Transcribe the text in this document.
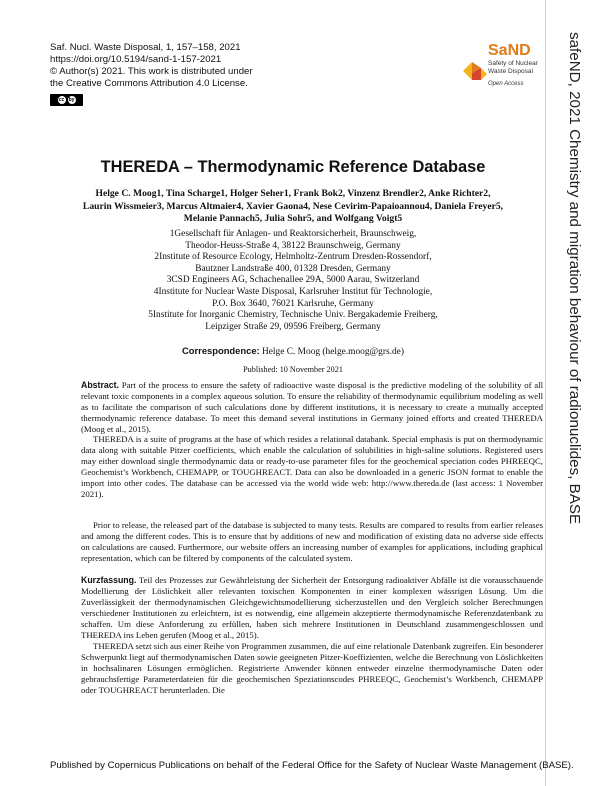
Saf. Nucl. Waste Disposal, 1, 157–158, 2021
https://doi.org/10.5194/sand-1-157-2021
© Author(s) 2021. This work is distributed under
the Creative Commons Attribution 4.0 License.
cc by
SaND
Safety of Nuclear
Waste Disposal
Open Access	safeND, 2021 Chemistry and migration behaviour of radionuclides, BASE
THEREDA – Thermodynamic Reference Database
Helge C. Moog1, Tina Scharge1, Holger Seher1, Frank Bok2, Vinzenz Brendler2, Anke Richter2,
Laurin Wissmeier3, Marcus Altmaier4, Xavier Gaona4, Nese Cevirim-Papaioannou4, Daniela Freyer5,
Melanie Pannach5, Julia Sohr5, and Wolfgang Voigt5
1Gesellschaft für Anlagen- und Reaktorsicherheit, Braunschweig,
Theodor-Heuss-Straße 4, 38122 Braunschweig, Germany
2Institute of Resource Ecology, Helmholtz-Zentrum Dresden-Rossendorf,
Bautzner Landstraße 400, 01328 Dresden, Germany
3CSD Engineers AG, Schachenallee 29A, 5000 Aarau, Switzerland
4Institute for Nuclear Waste Disposal, Karlsruher Institut für Technologie,
P.O. Box 3640, 76021 Karlsruhe, Germany
5Institute for Inorganic Chemistry, Technische Univ. Bergakademie Freiberg,
Leipziger Straße 29, 09596 Freiberg, Germany
Correspondence: Helge C. Moog (helge.moog@grs.de)
Published: 10 November 2021
Abstract. Part of the process to ensure the safety of radioactive waste disposal is the predictive modeling of the solubility of all relevant toxic components in a complex aqueous solution. To ensure the reliability of thermodynamic equilibrium modeling as well as to facilitate the comparison of such calculations done by different institutions, it is necessary to create a mutually accepted thermodynamic reference database. To meet this demand several institutions in Germany joined efforts and created THEREDA (Moog et al., 2015).
THEREDA is a suite of programs at the base of which resides a relational databank. Special emphasis is put on thermodynamic data along with suitable Pitzer coefficients, which enable the calculation of solubilities in high-saline solutions. Registered users may either download single thermodynamic data or ready-to-use parameter files for the geochemical speciation codes PHREEQC, Geochemist’s Workbench, CHEMAPP, or TOUGHREACT. Data can also be downloaded in a generic JSON format to enable the import into other codes. The database can be accessed via the world wide web: http://www.thereda.de (last access: 1 November 2021).
Prior to release, the released part of the database is subjected to many tests. Results are compared to results from earlier releases and among the different codes. This is to ensure that by additions of new and modification of existing data no adverse side effects on calculations are caused. Furthermore, our website offers an increasing number of examples for applications, including graphical representation, which can be filtered by components of the calculated system.
Kurzfassung. Teil des Prozesses zur Gewährleistung der Sicherheit der Entsorgung radioaktiver Abfälle ist die vorausschauende Modellierung der Löslichkeit aller relevanten toxischen Komponenten in einer komplexen wässrigen Lösung. Um die Zuverlässigkeit der thermodynamischen Gleichgewichtsmodellierung sicherzustellen und den Vergleich solcher Berechnungen verschiedener Institutionen zu erleichtern, ist es notwendig, eine allgemein akzeptierte thermodynamische Referenzdatenbank zu schaffen. Um diese Anforderung zu erfüllen, haben sich mehrere Institutionen in Deutschland zusammengeschlossen und THEREDA ins Leben gerufen (Moog et al., 2015).
THEREDA setzt sich aus einer Reihe von Programmen zusammen, die auf eine relationale Datenbank zugreifen. Ein besonderer Schwerpunkt liegt auf thermodynamischen Daten sowie geeigneten Pitzer-Koeffizienten, welche die Berechnung von Löslichkeiten in hochsalinaren Lösungen ermöglichen. Registrierte Anwender können entweder einzelne thermodynamische Daten oder gebrauchsfertige Parameterdateien für die geochemischen Speziationscodes PHREEQC, Geochemist’s Workbench, CHEMAPP oder TOUGHREACT herunterladen. Die
Published by Copernicus Publications on behalf of the Federal Office for the Safety of Nuclear Waste Management (BASE).
